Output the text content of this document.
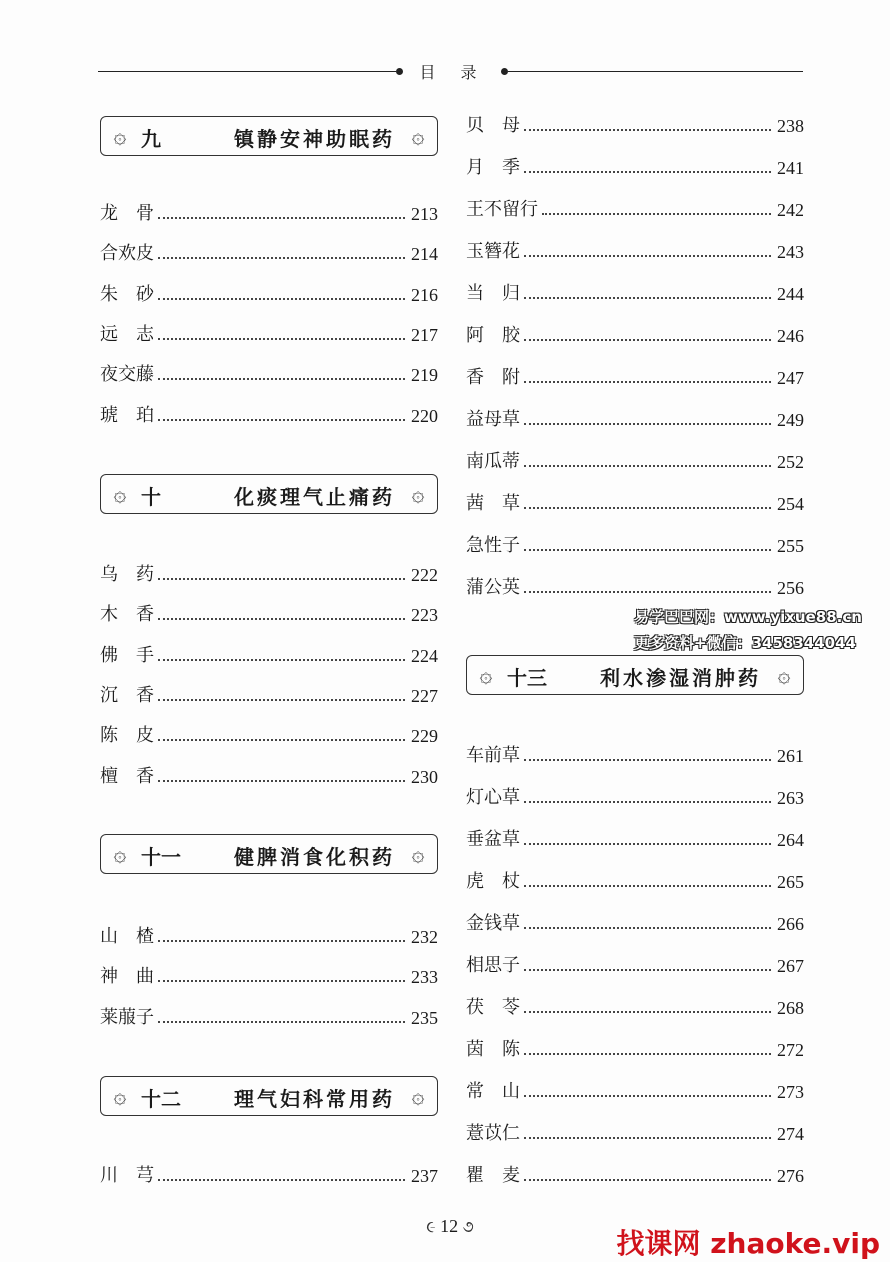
目 录
۞ 九	镇静安神助眠药 ۞
龙　骨	213
合欢皮	214
朱　砂	216
远　志	217
夜交藤	219
琥　珀	220
۞ 十	化痰理气止痛药 ۞
乌　药	222
木　香	223
佛　手	224
沉　香	227
陈　皮	229
檀　香	230
۞ 十一	健脾消食化积药 ۞
山　楂	232
神　曲	233
莱菔子	235
۞ 十二	理气妇科常用药 ۞
川　芎	237
贝　母	238
月　季	241
王不留行	242
玉簪花	243
当　归	244
阿　胶	246
香　附	247
益母草	249
南瓜蒂	252
茜　草	254
急性子	255
蒲公英	256
۞ 十三	利水渗湿消肿药 ۞
车前草	261
灯心草	263
垂盆草	264
虎　杖	265
金钱草	266
相思子	267
茯　苓	268
茵　陈	272
常　山	273
薏苡仁	274
瞿　麦	276
易学巴巴网：www.yixue88.cn
更多资料+微信：3458344044
૯ 12 ૭	找课网 zhaoke.vip
